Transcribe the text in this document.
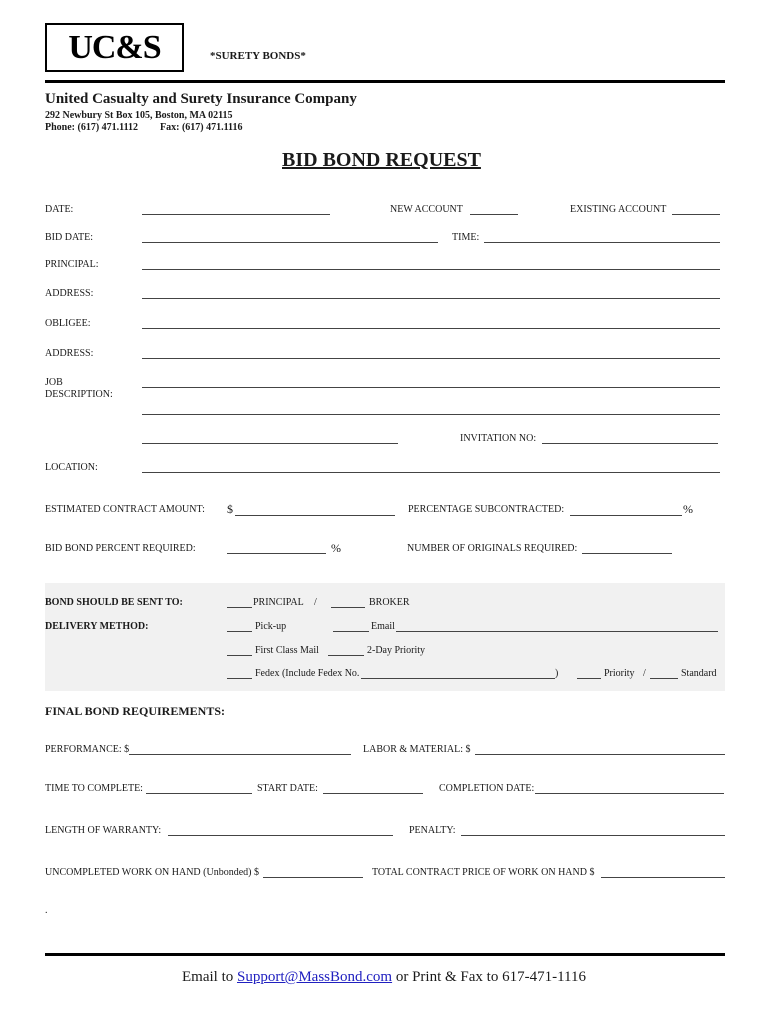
UC&S	*SURETY BONDS*
United Casualty and Surety Insurance Company
292 Newbury St Box 105, Boston, MA 02115
Phone: (617) 471.1112 Fax: (617) 471.1116
BID BOND REQUEST
DATE:	NEW ACCOUNT	EXISTING ACCOUNT
BID DATE:	TIME:
PRINCIPAL:
ADDRESS:
OBLIGEE:
ADDRESS:
JOB
DESCRIPTION:
INVITATION NO:
LOCATION:
ESTIMATED CONTRACT AMOUNT: $	PERCENTAGE SUBCONTRACTED:	%
BID BOND PERCENT REQUIRED:	%	NUMBER OF ORIGINALS REQUIRED:
BOND SHOULD BE SENT TO:	PRINCIPAL /	BROKER
DELIVERY METHOD:	Pick-up	Email
First Class Mail	2-Day Priority
Fedex (Include Fedex No.	)	Priority /	Standard
FINAL BOND REQUIREMENTS:
PERFORMANCE: $	LABOR & MATERIAL: $
TIME TO COMPLETE:	START DATE:	COMPLETION DATE:
LENGTH OF WARRANTY:	PENALTY:
UNCOMPLETED WORK ON HAND (Unbonded) $	TOTAL CONTRACT PRICE OF WORK ON HAND $
.
Email to Support@MassBond.com or Print & Fax to 617-471-1116
